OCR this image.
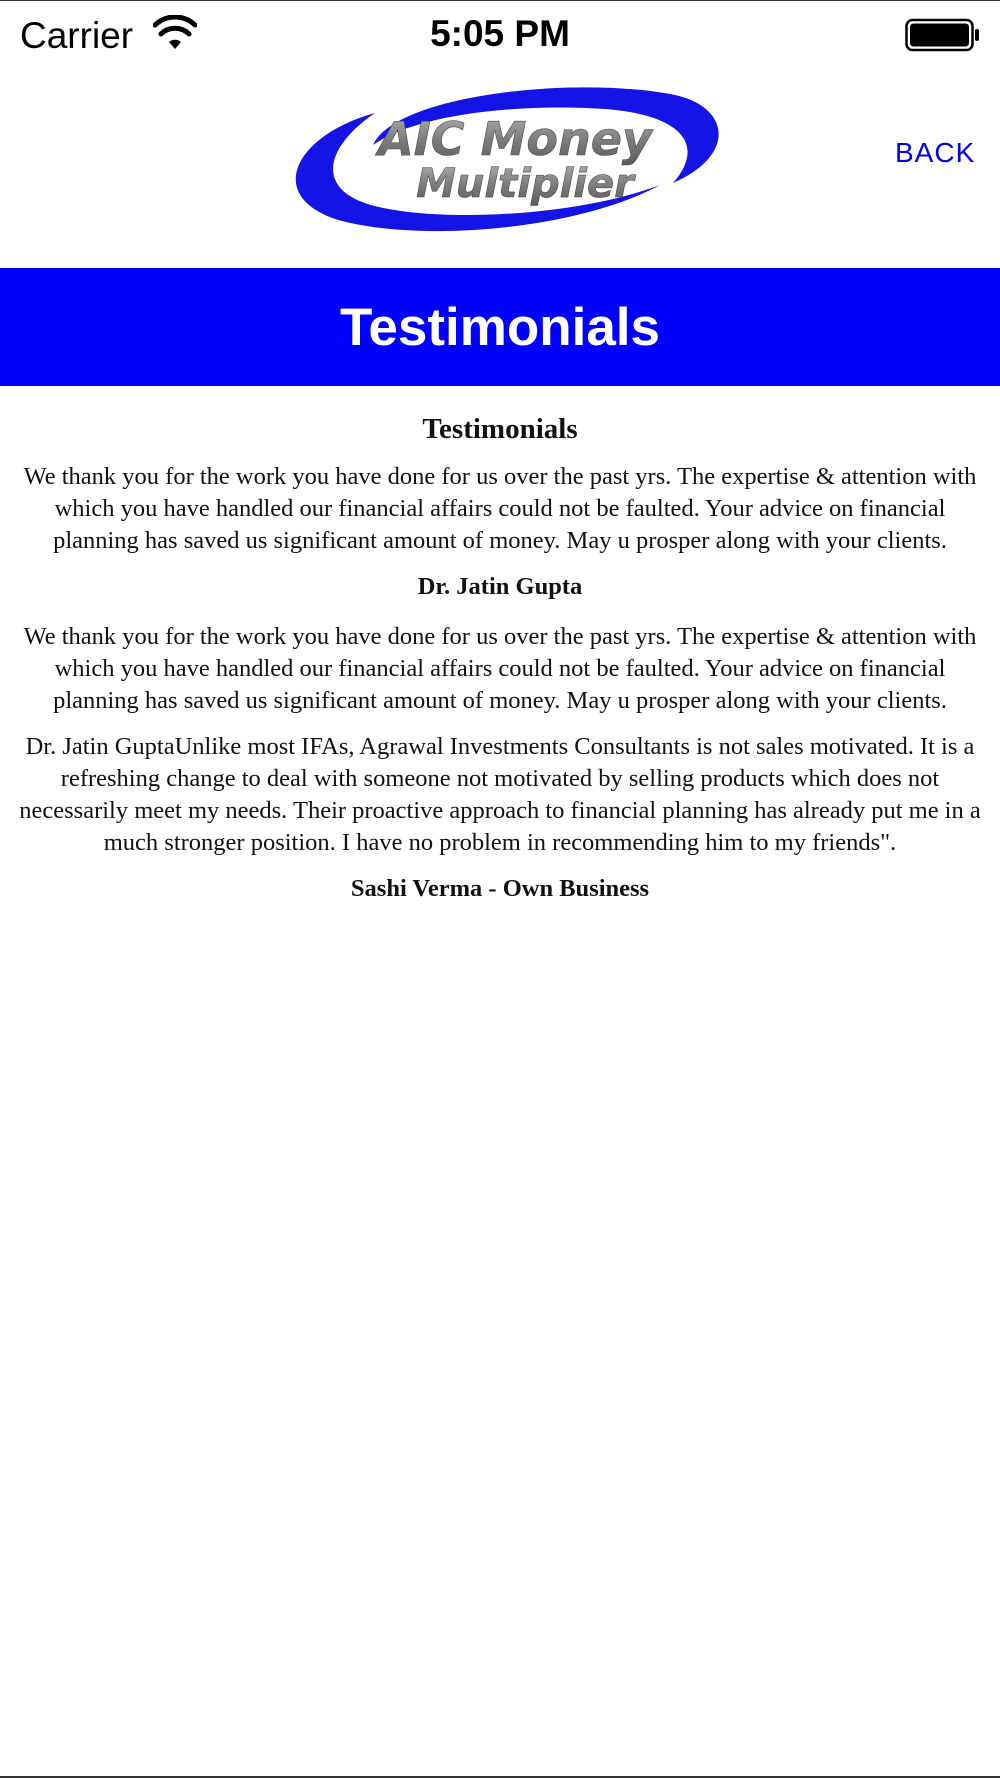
Carrier	5:05 PM
AIC Money
Multiplier
BACK
Testimonials
Testimonials

We thank you for the work you have done for us over the past yrs. The expertise & attention with which you have handled our financial affairs could not be faulted. Your advice on financial planning has saved us significant amount of money. May u prosper along with your clients.

Dr. Jatin Gupta

We thank you for the work you have done for us over the past yrs. The expertise & attention with which you have handled our financial affairs could not be faulted. Your advice on financial planning has saved us significant amount of money. May u prosper along with your clients.

Dr. Jatin GuptaUnlike most IFAs, Agrawal Investments Consultants is not sales motivated. It is a refreshing change to deal with someone not motivated by selling products which does not necessarily meet my needs. Their proactive approach to financial planning has already put me in a much stronger position. I have no problem in recommending him to my friends".

Sashi Verma - Own Business
